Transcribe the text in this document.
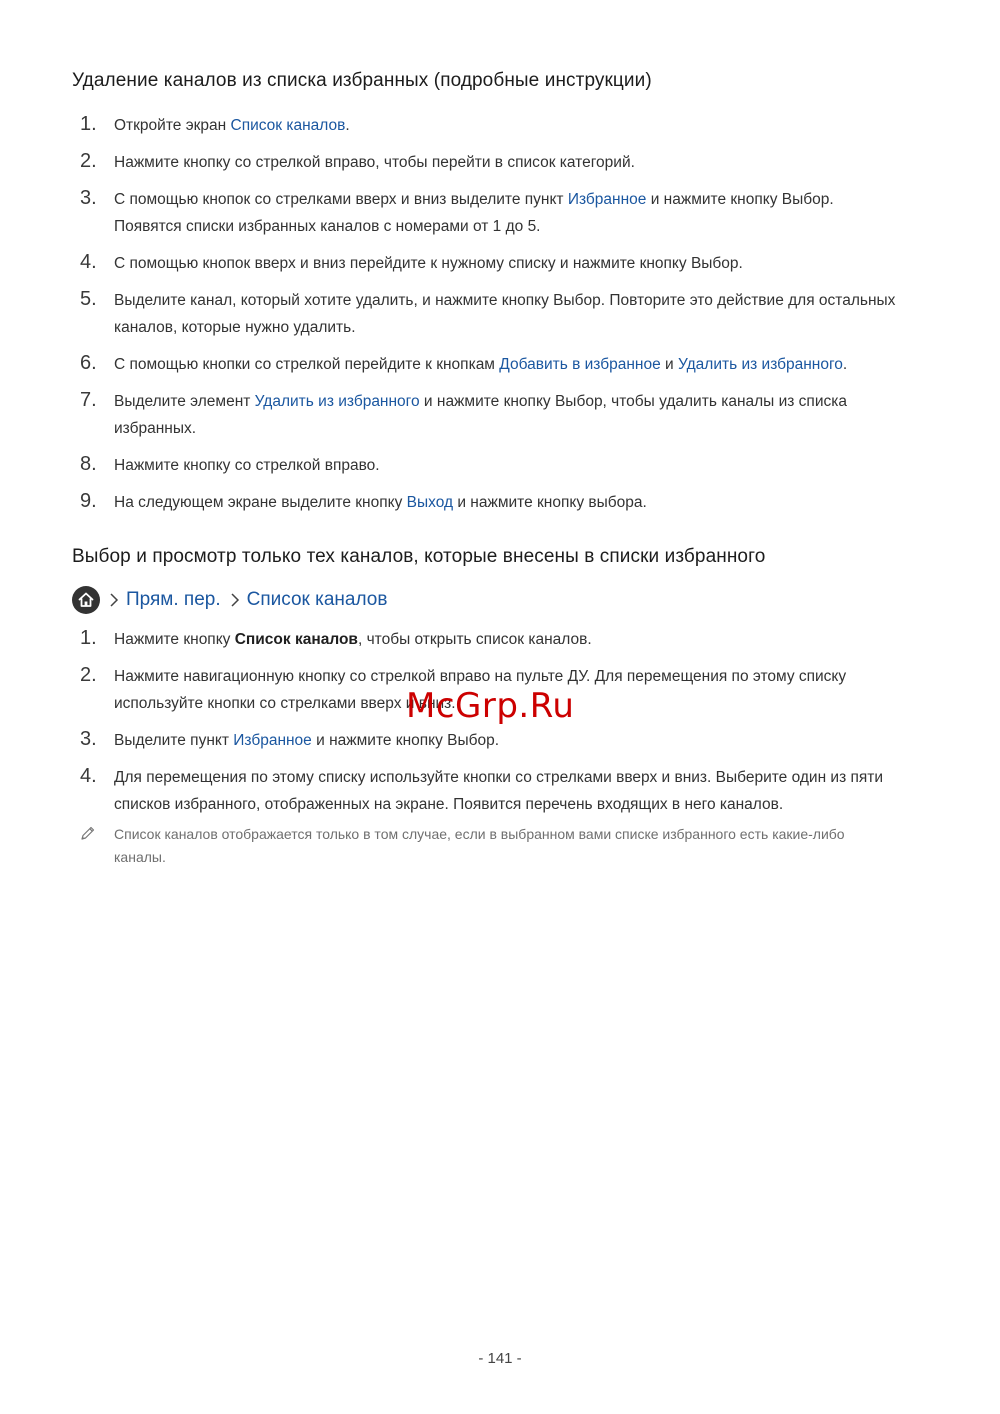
Удаление каналов из списка избранных (подробные инструкции)
1.	Откройте экран Список каналов.
2.	Нажмите кнопку со стрелкой вправо, чтобы перейти в список категорий.
3.	С помощью кнопок со стрелками вверх и вниз выделите пункт Избранное и нажмите кнопку Выбор. Появятся списки избранных каналов с номерами от 1 до 5.
4.	С помощью кнопок вверх и вниз перейдите к нужному списку и нажмите кнопку Выбор.
5.	Выделите канал, который хотите удалить, и нажмите кнопку Выбор. Повторите это действие для остальных каналов, которые нужно удалить.
6.	С помощью кнопки со стрелкой перейдите к кнопкам Добавить в избранное и Удалить из избранного.
7.	Выделите элемент Удалить из избранного и нажмите кнопку Выбор, чтобы удалить каналы из списка избранных.
8.	Нажмите кнопку со стрелкой вправо.
9.	На следующем экране выделите кнопку Выход и нажмите кнопку выбора.
Выбор и просмотр только тех каналов, которые внесены в списки избранного
Прям. пер. Список каналов
1.	Нажмите кнопку Список каналов, чтобы открыть список каналов.
2.	Нажмите навигационную кнопку со стрелкой вправо на пульте ДУ. Для перемещения по этому списку используйте кнопки со стрелками вверх и вниз.
3.	Выделите пункт Избранное и нажмите кнопку Выбор.
4.	Для перемещения по этому списку используйте кнопки со стрелками вверх и вниз. Выберите один из пяти списков избранного, отображенных на экране. Появится перечень входящих в него каналов.
Список каналов отображается только в том случае, если в выбранном вами списке избранного есть какие-либо каналы.
McGrp.Ru
- 141 -
